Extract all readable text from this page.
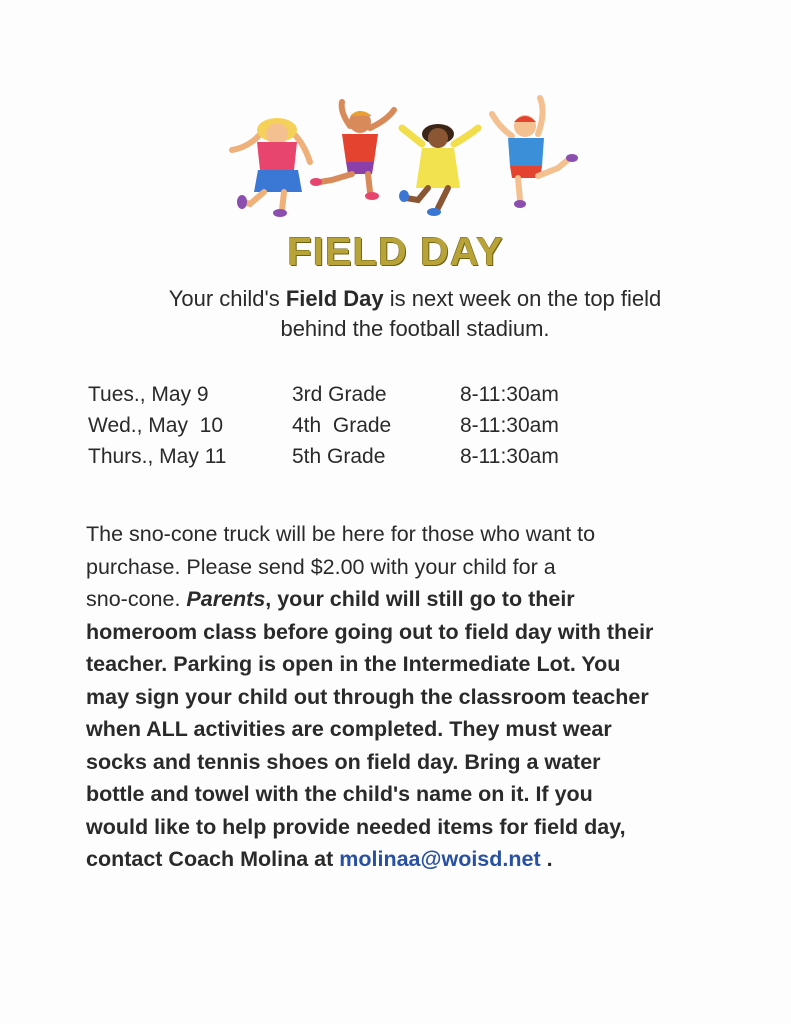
FIELD DAY
Your child's Field Day is next week on the top field
behind the football stadium.
Tues., May 9	3rd Grade	8-11:30am
Wed., May  10	4th  Grade	8-11:30am
Thurs., May 11	5th Grade	8-11:30am
The sno-cone truck will be here for those who want to
purchase. Please send $2.00 with your child for a
sno-cone. Parents, your child will still go to their
homeroom class before going out to field day with their
teacher. Parking is open in the Intermediate Lot. You
may sign your child out through the classroom teacher
when ALL activities are completed. They must wear
socks and tennis shoes on field day. Bring a water
bottle and towel with the child's name on it. If you
would like to help provide needed items for field day,
contact Coach Molina at molinaa@woisd.net .
